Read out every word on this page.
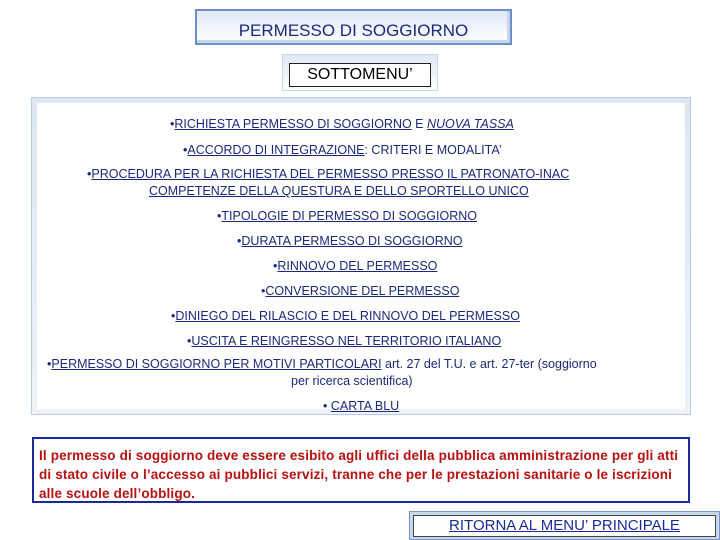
PERMESSO DI SOGGIORNO
SOTTOMENU’
•RICHIESTA PERMESSO DI SOGGIORNO E NUOVA TASSA
•ACCORDO DI INTEGRAZIONE: CRITERI E MODALITA’
•PROCEDURA PER LA RICHIESTA DEL PERMESSO PRESSO IL PATRONATO-INAC
COMPETENZE DELLA QUESTURA E DELLO SPORTELLO UNICO
•TIPOLOGIE DI PERMESSO DI SOGGIORNO
•DURATA PERMESSO DI SOGGIORNO
•RINNOVO DEL PERMESSO
•CONVERSIONE DEL PERMESSO
•DINIEGO DEL RILASCIO E DEL RINNOVO DEL PERMESSO
•USCITA E REINGRESSO NEL TERRITORIO ITALIANO
•PERMESSO DI SOGGIORNO PER MOTIVI PARTICOLARI art. 27 del T.U. e art. 27-ter (soggiorno
per ricerca scientifica)
• CARTA BLU
Il permesso di soggiorno deve essere esibito agli uffici della pubblica amministrazione per gli atti di stato civile o l’accesso ai pubblici servizi, tranne che per le prestazioni sanitarie o le iscrizioni alle scuole dell’obbligo.
RITORNA AL MENU’ PRINCIPALE
